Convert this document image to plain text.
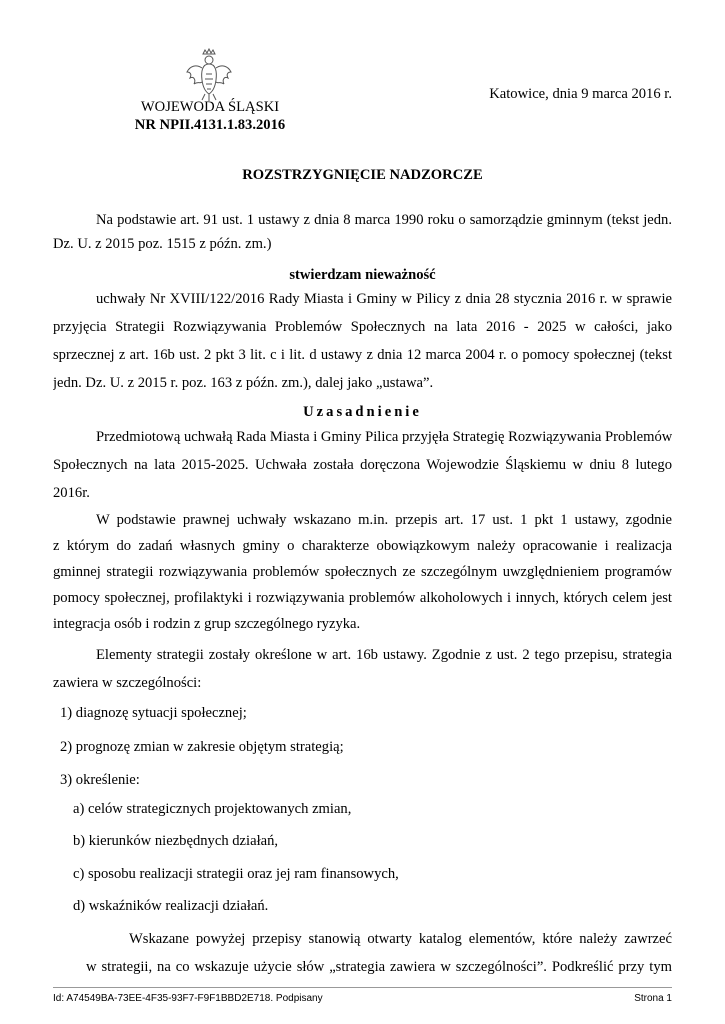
WOJEWODA ŚLĄSKI
NR NPII.4131.1.83.2016
Katowice, dnia 9 marca 2016 r.
ROZSTRZYGNIĘCIE NADZORCZE
Na podstawie art. 91 ust. 1 ustawy z dnia 8 marca 1990 roku o samorządzie gminnym (tekst jedn.
Dz. U. z 2015 poz. 1515 z późn. zm.)
stwierdzam nieważność
uchwały Nr XVIII/122/2016 Rady Miasta i Gminy w Pilicy z dnia 28 stycznia 2016 r. w sprawie
przyjęcia Strategii Rozwiązywania Problemów Społecznych na lata 2016 - 2025 w całości, jako
sprzecznej z art. 16b ust. 2 pkt 3 lit. c i lit. d ustawy z dnia 12 marca 2004 r. o pomocy społecznej (tekst
jedn. Dz. U. z 2015 r. poz. 163 z późn. zm.), dalej jako „ustawa”.
Uzasadnienie
Przedmiotową uchwałą Rada Miasta i Gminy Pilica przyjęła Strategię Rozwiązywania Problemów
Społecznych na lata 2015-2025. Uchwała została doręczona Wojewodzie Śląskiemu w dniu 8 lutego
2016r.
W podstawie prawnej uchwały wskazano m.in. przepis art. 17 ust. 1 pkt 1 ustawy, zgodnie
z którym do zadań własnych gminy o charakterze obowiązkowym należy opracowanie i realizacja
gminnej strategii rozwiązywania problemów społecznych ze szczególnym uwzględnieniem programów
pomocy społecznej, profilaktyki i rozwiązywania problemów alkoholowych i innych, których celem jest
integracja osób i rodzin z grup szczególnego ryzyka.
Elementy strategii zostały określone w art. 16b ustawy. Zgodnie z ust. 2 tego przepisu, strategia
zawiera w szczególności:
1) diagnozę sytuacji społecznej;
2) prognozę zmian w zakresie objętym strategią;
3) określenie:
a) celów strategicznych projektowanych zmian,
b) kierunków niezbędnych działań,
c) sposobu realizacji strategii oraz jej ram finansowych,
d) wskaźników realizacji działań.
Wskazane powyżej przepisy stanowią otwarty katalog elementów, które należy zawrzeć
w strategii, na co wskazuje użycie słów „strategia zawiera w szczególności”. Podkreślić przy tym
Id: A74549BA-73EE-4F35-93F7-F9F1BBD2E718. Podpisany	Strona 1
